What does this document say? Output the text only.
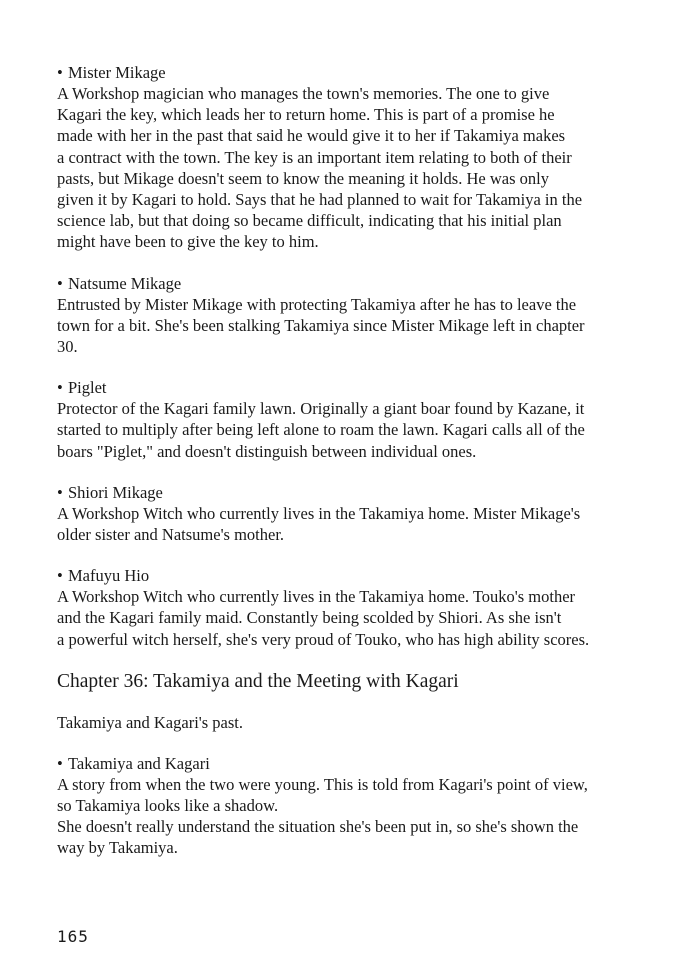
• Mister Mikage
A Workshop magician who manages the town's memories. The one to give
Kagari the key, which leads her to return home. This is part of a promise he
made with her in the past that said he would give it to her if Takamiya makes
a contract with the town. The key is an important item relating to both of their
pasts, but Mikage doesn't seem to know the meaning it holds. He was only
given it by Kagari to hold. Says that he had planned to wait for Takamiya in the
science lab, but that doing so became difficult, indicating that his initial plan
might have been to give the key to him.
• Natsume Mikage
Entrusted by Mister Mikage with protecting Takamiya after he has to leave the
town for a bit. She's been stalking Takamiya since Mister Mikage left in chapter
30.
• Piglet
Protector of the Kagari family lawn. Originally a giant boar found by Kazane, it
started to multiply after being left alone to roam the lawn. Kagari calls all of the
boars "Piglet," and doesn't distinguish between individual ones.
• Shiori Mikage
A Workshop Witch who currently lives in the Takamiya home. Mister Mikage's
older sister and Natsume's mother.
• Mafuyu Hio
A Workshop Witch who currently lives in the Takamiya home. Touko's mother
and the Kagari family maid. Constantly being scolded by Shiori. As she isn't
a powerful witch herself, she's very proud of Touko, who has high ability scores.
Chapter 36: Takamiya and the Meeting with Kagari
Takamiya and Kagari's past.
• Takamiya and Kagari
A story from when the two were young. This is told from Kagari's point of view,
so Takamiya looks like a shadow.
She doesn't really understand the situation she's been put in, so she's shown the
way by Takamiya.
165
